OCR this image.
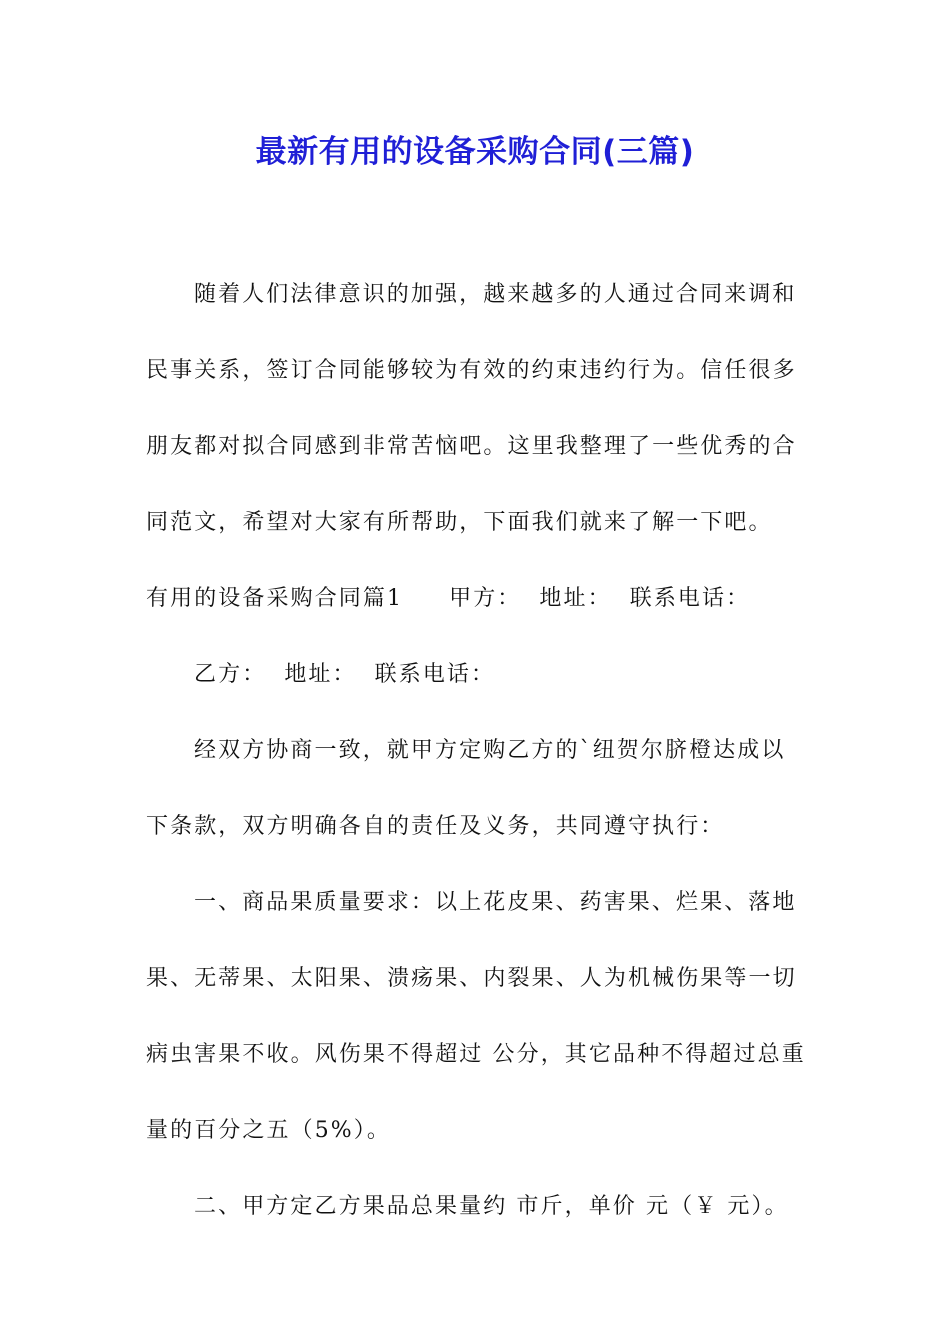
最新有用的设备采购合同(三篇)

随着人们法律意识的加强，越来越多的人通过合同来调和民事关系，签订合同能够较为有效的约束违约行为。信任很多朋友都对拟合同感到非常苦恼吧。这里我整理了一些优秀的合同范文，希望对大家有所帮助，下面我们就来了解一下吧。

有用的设备采购合同篇1 甲方： 地址： 联系电话：

乙方： 地址： 联系电话：

经双方协商一致，就甲方定购乙方的`纽贺尔脐橙达成以下条款，双方明确各自的责任及义务，共同遵守执行：

一、商品果质量要求：以上花皮果、药害果、烂果、落地果、无蒂果、太阳果、溃疡果、内裂果、人为机械伤果等一切病虫害果不收。风伤果不得超过 公分，其它品种不得超过总重量的百分之五（5%）。

二、甲方定乙方果品总果量约 市斤，单价 元（￥ 元）。
